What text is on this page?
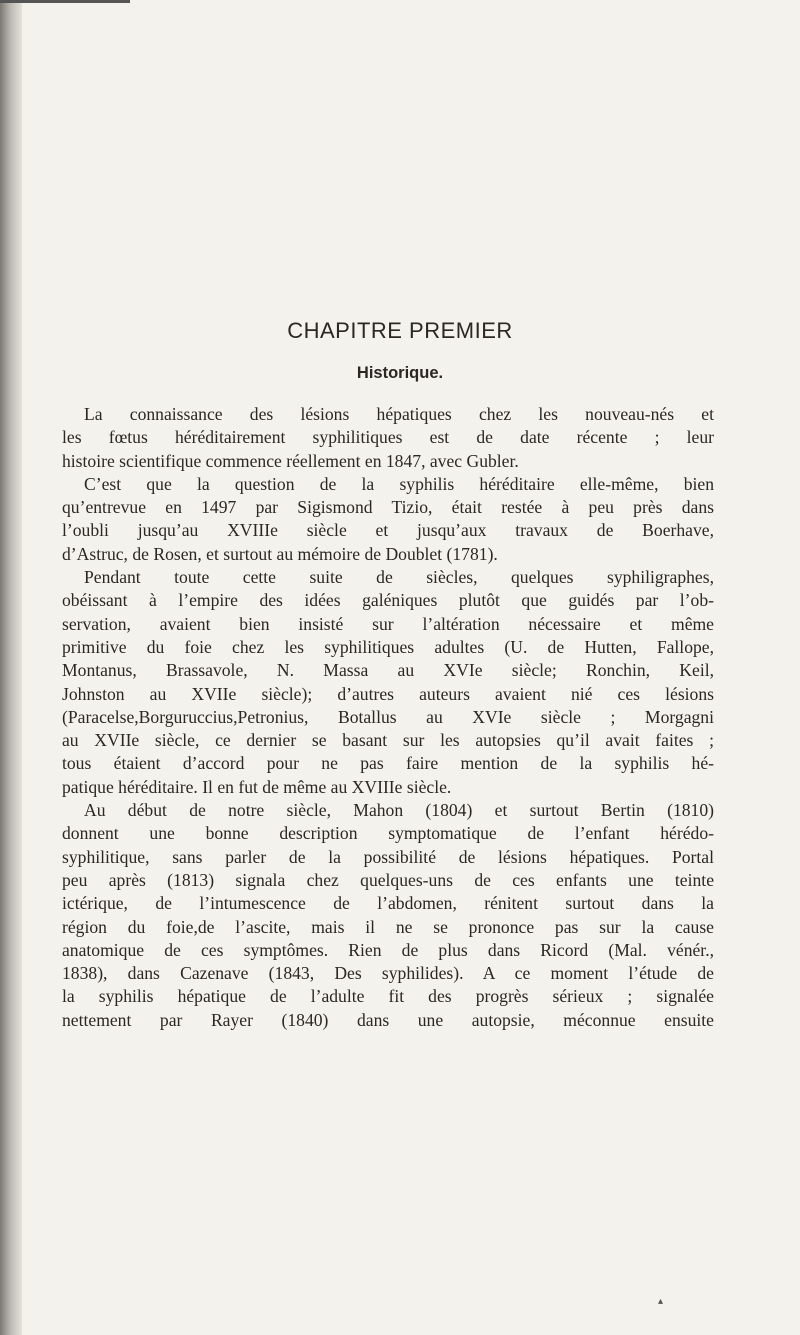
CHAPITRE PREMIER
Historique.
La connaissance des lésions hépatiques chez les nouveau-nés et
les fœtus héréditairement syphilitiques est de date récente ; leur
histoire scientifique commence réellement en 1847, avec Gubler.
C’est que la question de la syphilis héréditaire elle-même, bien
qu’entrevue en 1497 par Sigismond Tizio, était restée à peu près dans
l’oubli jusqu’au XVIIIe siècle et jusqu’aux travaux de Boerhave,
d’Astruc, de Rosen, et surtout au mémoire de Doublet (1781).
Pendant toute cette suite de siècles, quelques syphiligraphes,
obéissant à l’empire des idées galéniques plutôt que guidés par l’ob-
servation, avaient bien insisté sur l’altération nécessaire et même
primitive du foie chez les syphilitiques adultes (U. de Hutten, Fallope,
Montanus, Brassavole, N. Massa au XVIe siècle; Ronchin, Keil,
Johnston au XVIIe siècle); d’autres auteurs avaient nié ces lésions
(Paracelse,Borguruccius,Petronius, Botallus au XVIe siècle ; Morgagni
au XVIIe siècle, ce dernier se basant sur les autopsies qu’il avait faites ;
tous étaient d’accord pour ne pas faire mention de la syphilis hé-
patique héréditaire. Il en fut de même au XVIIIe siècle.
Au début de notre siècle, Mahon (1804) et surtout Bertin (1810)
donnent une bonne description symptomatique de l’enfant hérédo-
syphilitique, sans parler de la possibilité de lésions hépatiques. Portal
peu après (1813) signala chez quelques-uns de ces enfants une teinte
ictérique, de l’intumescence de l’abdomen, rénitent surtout dans la
région du foie,de l’ascite, mais il ne se prononce pas sur la cause
anatomique de ces symptômes. Rien de plus dans Ricord (Mal. vénér.,
1838), dans Cazenave (1843, Des syphilides). A ce moment l’étude de
la syphilis hépatique de l’adulte fit des progrès sérieux ; signalée
nettement par Rayer (1840) dans une autopsie, méconnue ensuite
▴
